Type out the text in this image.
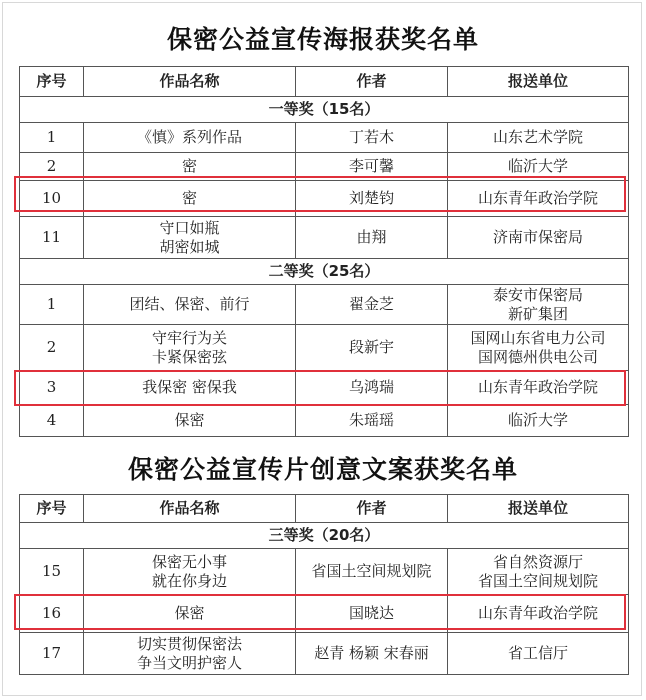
保密公益宣传海报获奖名单
序号	作品名称	作者	报送单位
一等奖（15名）			
1	《慎》系列作品	丁若木	山东艺术学院

2	密	李可馨	临沂大学

10	密	刘楚钧	山东青年政治学院

11	守口如瓶
胡密如城	由翔	济南市保密局

二等奖（25名）			
1	团结、保密、前行	翟金芝	泰安市保密局
新矿集团

2	守牢行为关
卡紧保密弦	段新宇	国网山东省电力公司
国网德州供电公司

3	我保密 密保我	乌鸿瑞	山东青年政治学院

4	保密	朱瑶瑶	临沂大学
保密公益宣传片创意文案获奖名单
序号	作品名称	作者	报送单位
三等奖（20名）			
15	保密无小事
就在你身边	省国土空间规划院	省自然资源厅
省国土空间规划院

16	保密	国晓达	山东青年政治学院

17	切实贯彻保密法
争当文明护密人	赵青 杨颖 宋春丽	省工信厅
